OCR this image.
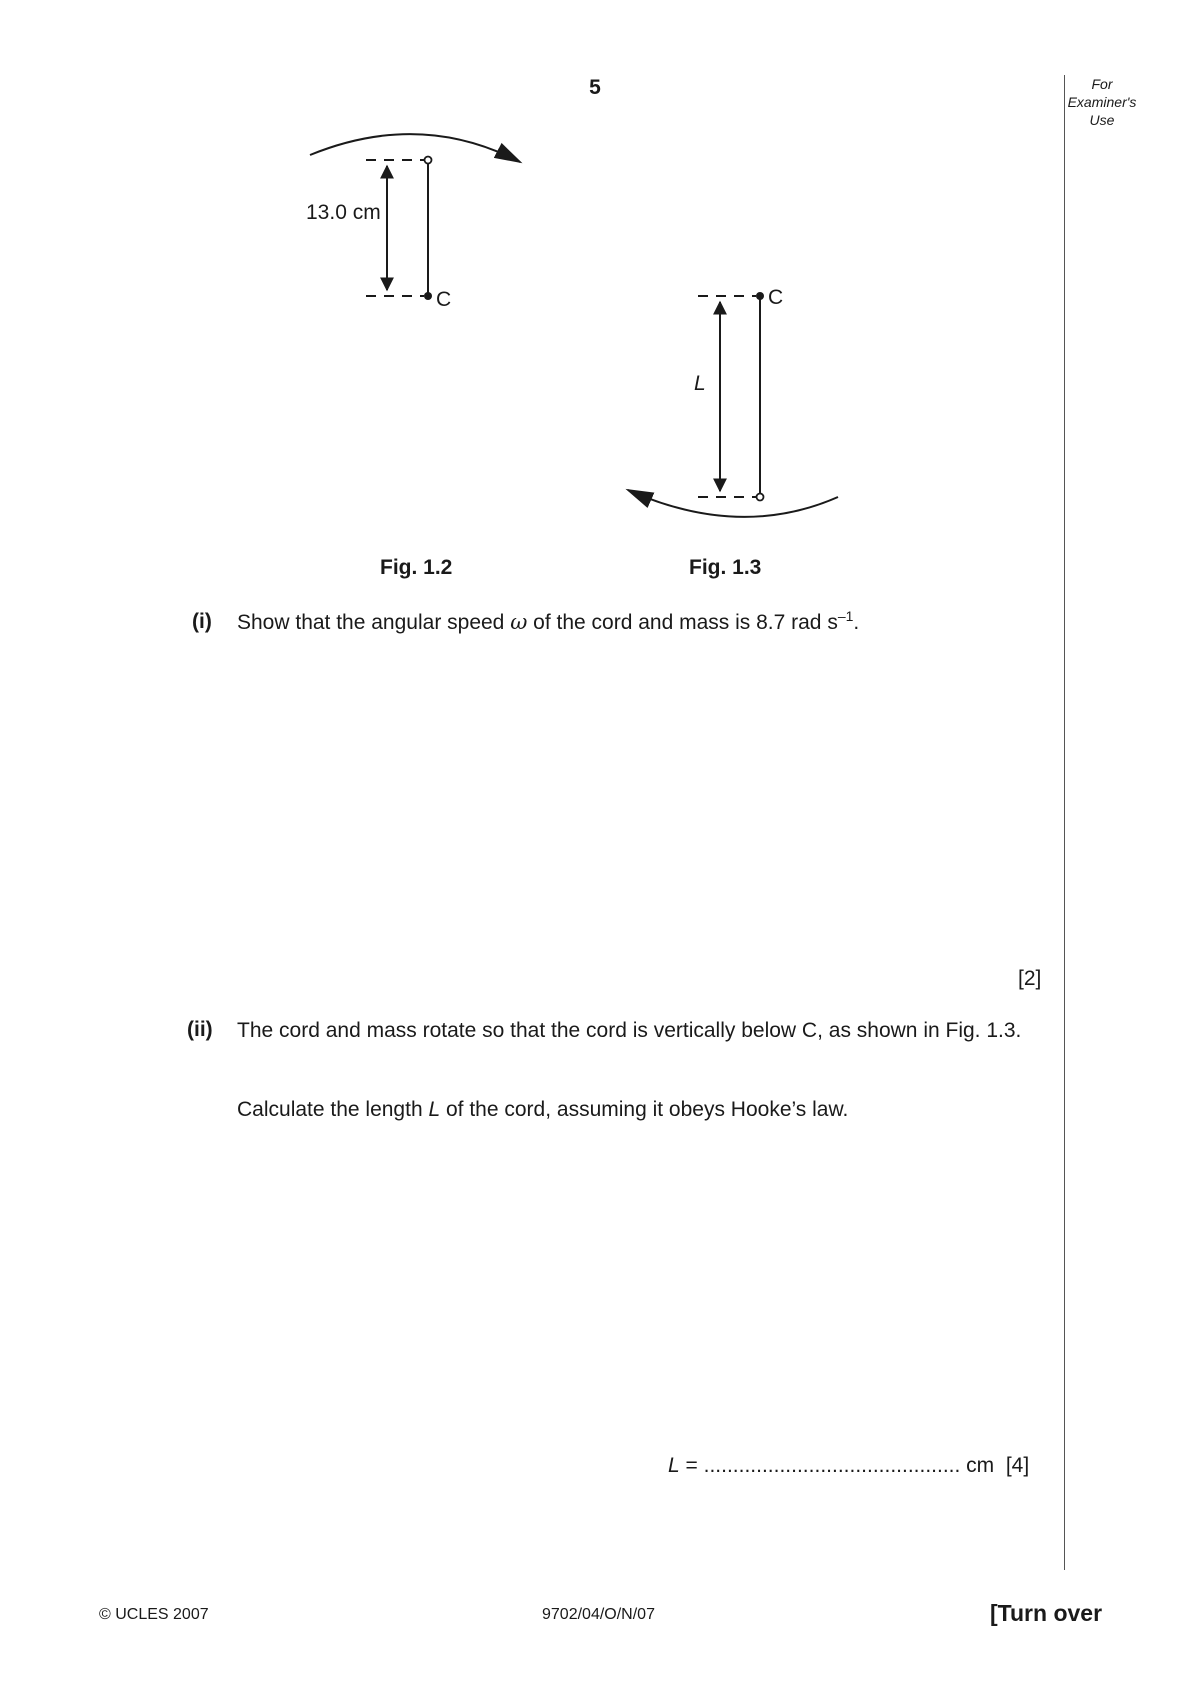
5	For
Examiner's
Use
13.0 cm
C
L
C
Fig. 1.2	Fig. 1.3
(i) Show that the angular speed ω of the cord and mass is 8.7 rad $s^{-1}$.
[2]
(ii) The cord and mass rotate so that the cord is vertically below C, as shown in Fig. 1.3.
Calculate the length L of the cord, assuming it obeys Hooke’s law.
L = ............................................ cm [4]
© UCLES 2007	9702/04/O/N/07	[Turn over
